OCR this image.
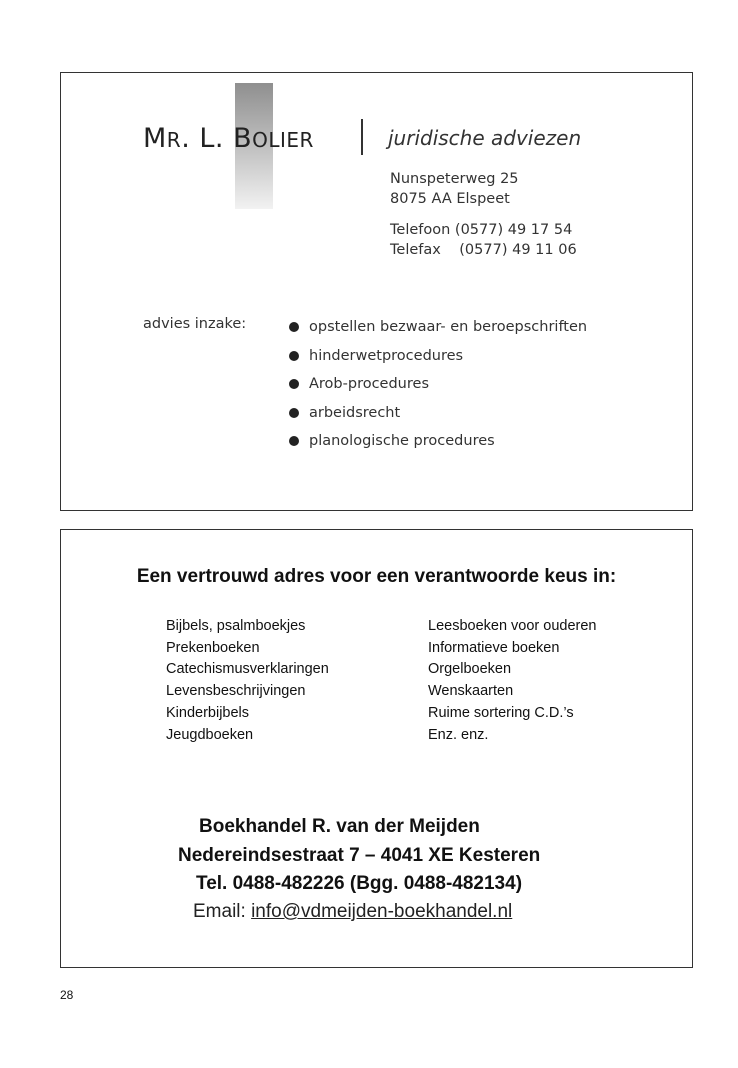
MR. L. BOLIER	juridische adviezen
Nunspeterweg 25
8075 AA Elspeet
Telefoon (0577) 49 17 54
Telefax    (0577) 49 11 06
advies inzake:	opstellen bezwaar- en beroepschriften
hinderwetprocedures
Arob-procedures
arbeidsrecht
planologische procedures
Een vertrouwd adres voor een verantwoorde keus in:
Bijbels, psalmboekjes
Prekenboeken
Catechismusverklaringen
Levensbeschrijvingen
Kinderbijbels
Jeugdboeken
Leesboeken voor ouderen
Informatieve boeken
Orgelboeken
Wenskaarten
Ruime sortering C.D.’s
Enz. enz.
Boekhandel R. van der Meijden
Nedereindsestraat 7 – 4041 XE Kesteren
Tel. 0488-482226 (Bgg. 0488-482134)
Email: info@vdmeijden-boekhandel.nl
28
